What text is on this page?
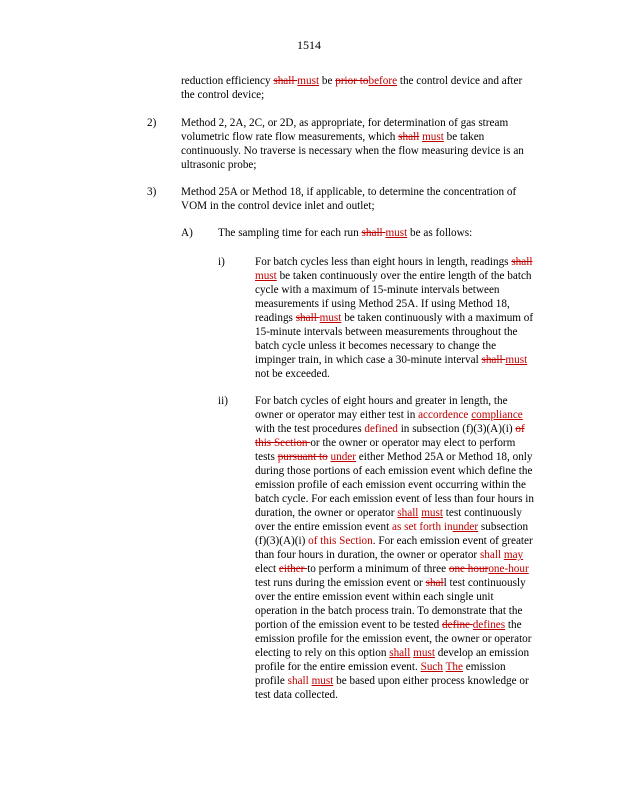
1514
reduction efficiency shall must be prior tobefore the control device and after the control device;
2) Method 2, 2A, 2C, or 2D, as appropriate, for determination of gas stream volumetric flow rate flow measurements, which shall must be taken continuously. No traverse is necessary when the flow measuring device is an ultrasonic probe;
3) Method 25A or Method 18, if applicable, to determine the concentration of VOM in the control device inlet and outlet;
A) The sampling time for each run shall must be as follows:
i)	For batch cycles less than eight hours in length, readings shall must be taken continuously over the entire length of the batch cycle with a maximum of 15-minute intervals between measurements if using Method 25A. If using Method 18, readings shall must be taken continuously with a maximum of 15-minute intervals between measurements throughout the batch cycle unless it becomes necessary to change the impinger train, in which case a 30-minute interval shall must not be exceeded.
ii) For batch cycles of eight hours and greater in length, the owner or operator may either test in accordence compliance with the test procedures defined in subsection (f)(3)(A)(i) of this Section or the owner or operator may elect to perform tests pursuant to under either Method 25A or Method 18, only during those portions of each emission event which define the emission profile of each emission event occurring within the batch cycle. For each emission event of less than four hours in duration, the owner or operator shall must test continuously over the entire emission event as set forth inunder subsection (f)(3)(A)(i) of this Section. For each emission event of greater than four hours in duration, the owner or operator shall may elect either to perform a minimum of three one hourone-hour test runs during the emission event or shall test continuously over the entire emission event within each single unit operation in the batch process train. To demonstrate that the portion of the emission event to be tested define defines the emission profile for the emission event, the owner or operator electing to rely on this option shall must develop an emission profile for the entire emission event. Such The emission profile shall must be based upon either process knowledge or test data collected.
